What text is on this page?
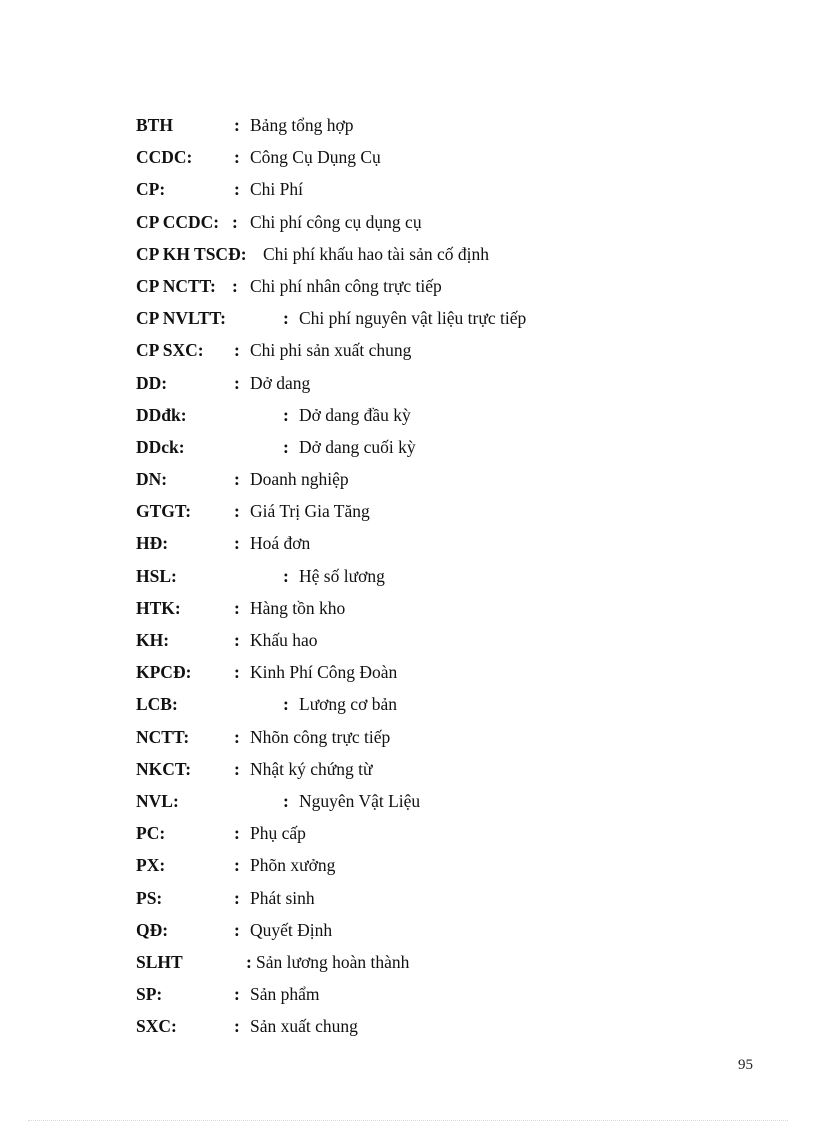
BTH	: Bảng tổng hợp
CCDC: : Công Cụ Dụng Cụ
CP:	: Chi Phí
CP CCDC: : Chi phí công cụ dụng cụ
CP KH TSCĐ: Chi phí khấu hao tài sản cố định
CP NCTT: : Chi phí nhân công trực tiếp
CP NVLTT:	: Chi phí nguyên vật liệu trực tiếp
CP SXC: : Chi phi sản xuất chung
DD:	: Dở dang
DDđk:	: Dở dang đầu kỳ
DDck:	: Dở dang cuối kỳ
DN:	: Doanh nghiệp
GTGT: : Giá Trị Gia Tăng
HĐ:	: Hoá đơn
HSL:	: Hệ số lương
HTK:	: Hàng tồn kho
KH:	: Khấu hao
KPCĐ: : Kinh Phí Công Đoàn
LCB:	: Lương cơ bản
NCTT:	: Nhõn công trực tiếp
NKCT: : Nhật ký chứng từ
NVL:	: Nguyên Vật Liệu
PC:	: Phụ cấp
PX:	: Phõn xưởng
PS:	: Phát sinh
QĐ:	: Quyết Định
SLHT	: Sản lương hoàn thành
SP:	: Sản phẩm
SXC:	: Sản xuất chung
95
